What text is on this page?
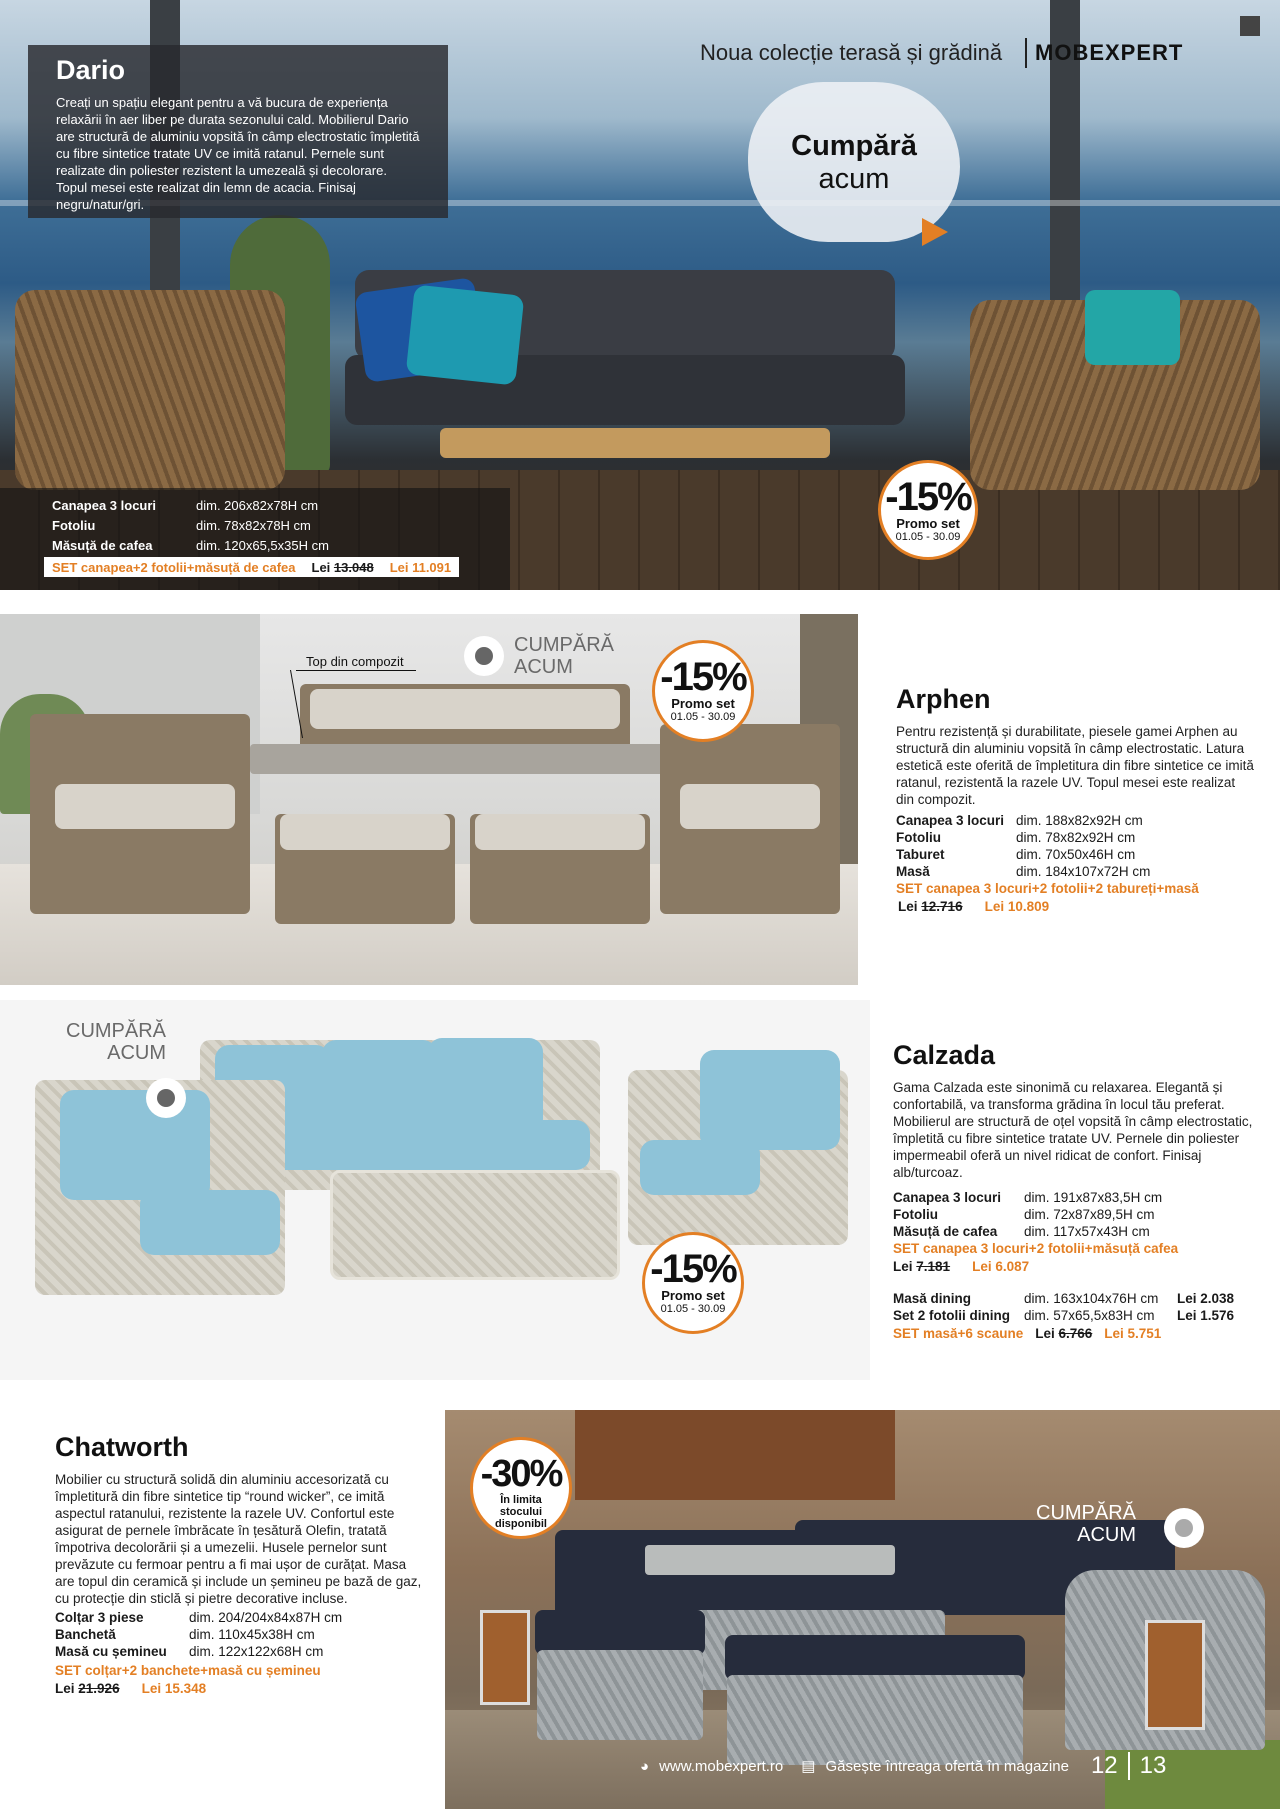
Dario

Creați un spațiu elegant pentru a vă bucura de experiența relaxării în aer liber pe durata sezonului cald. Mobilierul Dario are structură de aluminiu vopsită în câmp electrostatic împletită cu fibre sintetice tratate UV ce imită ratanul. Pernele sunt realizate din poliester rezistent la umezeală și decolorare. Topul mesei este realizat din lemn de acacia. Finisaj negru/natur/gri.

Noua colecție terasă și grădină MOBEXPERT
Cumpără
acum
-15%
Promo set
01.05 - 30.09
Canapea 3 locuri	dim. 206x82x78H cm
Fotoliu	dim. 78x82x78H cm
Măsuță de cafea	dim. 120x65,5x35H cm
SET canapea+2 fotolii+măsuță de cafea Lei 13.048 Lei 11.091
Top din compozit
CUMPĂRĂ
ACUM	-15%
Promo set
01.05 - 30.09
Arphen
Pentru rezistență și durabilitate, piesele gamei Arphen au structură din aluminiu vopsită în câmp electrostatic. Latura estetică este oferită de împletitura din fibre sintetice ce imită ratanul, rezistentă la razele UV. Topul mesei este realizat din compozit.
Canapea 3 locuri dim. 188x82x92H cm
Fotoliu	dim. 78x82x92H cm
Taburet	dim. 70x50x46H cm
Masă	dim. 184x107x72H cm
SET canapea 3 locuri+2 fotolii+2 tabureți+masă
Lei 12.716 Lei 10.809
CUMPĂRĂ
ACUM
-15%
Promo set
01.05 - 30.09
Calzada
Gama Calzada este sinonimă cu relaxarea. Elegantă și confortabilă, va transforma grădina în locul tău preferat. Mobilierul are structură de oțel vopsită în câmp electrostatic, împletită cu fibre sintetice tratate UV. Pernele din poliester impermeabil oferă un nivel ridicat de confort. Finisaj alb/turcoaz.
Canapea 3 locuri	dim. 191x87x83,5H cm
Fotoliu	dim. 72x87x89,5H cm
Măsuță de cafea	dim. 117x57x43H cm
SET canapea 3 locuri+2 fotolii+măsuță cafea
Lei 7.181 Lei 6.087
Masă dining	dim. 163x104x76H cm	Lei 2.038
Set 2 fotolii dining	dim. 57x65,5x83H cm	Lei 1.576
SET masă+6 scaune Lei 6.766 Lei 5.751
Chatworth
Mobilier cu structură solidă din aluminiu accesorizată cu împletitură din fibre sintetice tip “round wicker”, ce imită aspectul ratanului, rezistente la razele UV. Confortul este asigurat de pernele îmbrăcate în țesătură Olefin, tratată împotriva decolorării și a umezelii. Husele pernelor sunt prevăzute cu fermoar pentru a fi mai ușor de curățat. Masa are topul din ceramică și include un șemineu pe bază de gaz, cu protecție din sticlă și pietre decorative incluse.
Colțar 3 piese	dim. 204/204x84x87H cm
Banchetă	dim. 110x45x38H cm
Masă cu șemineu	dim. 122x122x68H cm
SET colțar+2 banchete+masă cu șemineu
Lei 21.926 Lei 15.348
-30%
În limita stocului disponibil	CUMPĂRĂ
ACUM
◕ www.mobexpert.ro ▤ Găsește întreaga ofertă în magazine 12 13
